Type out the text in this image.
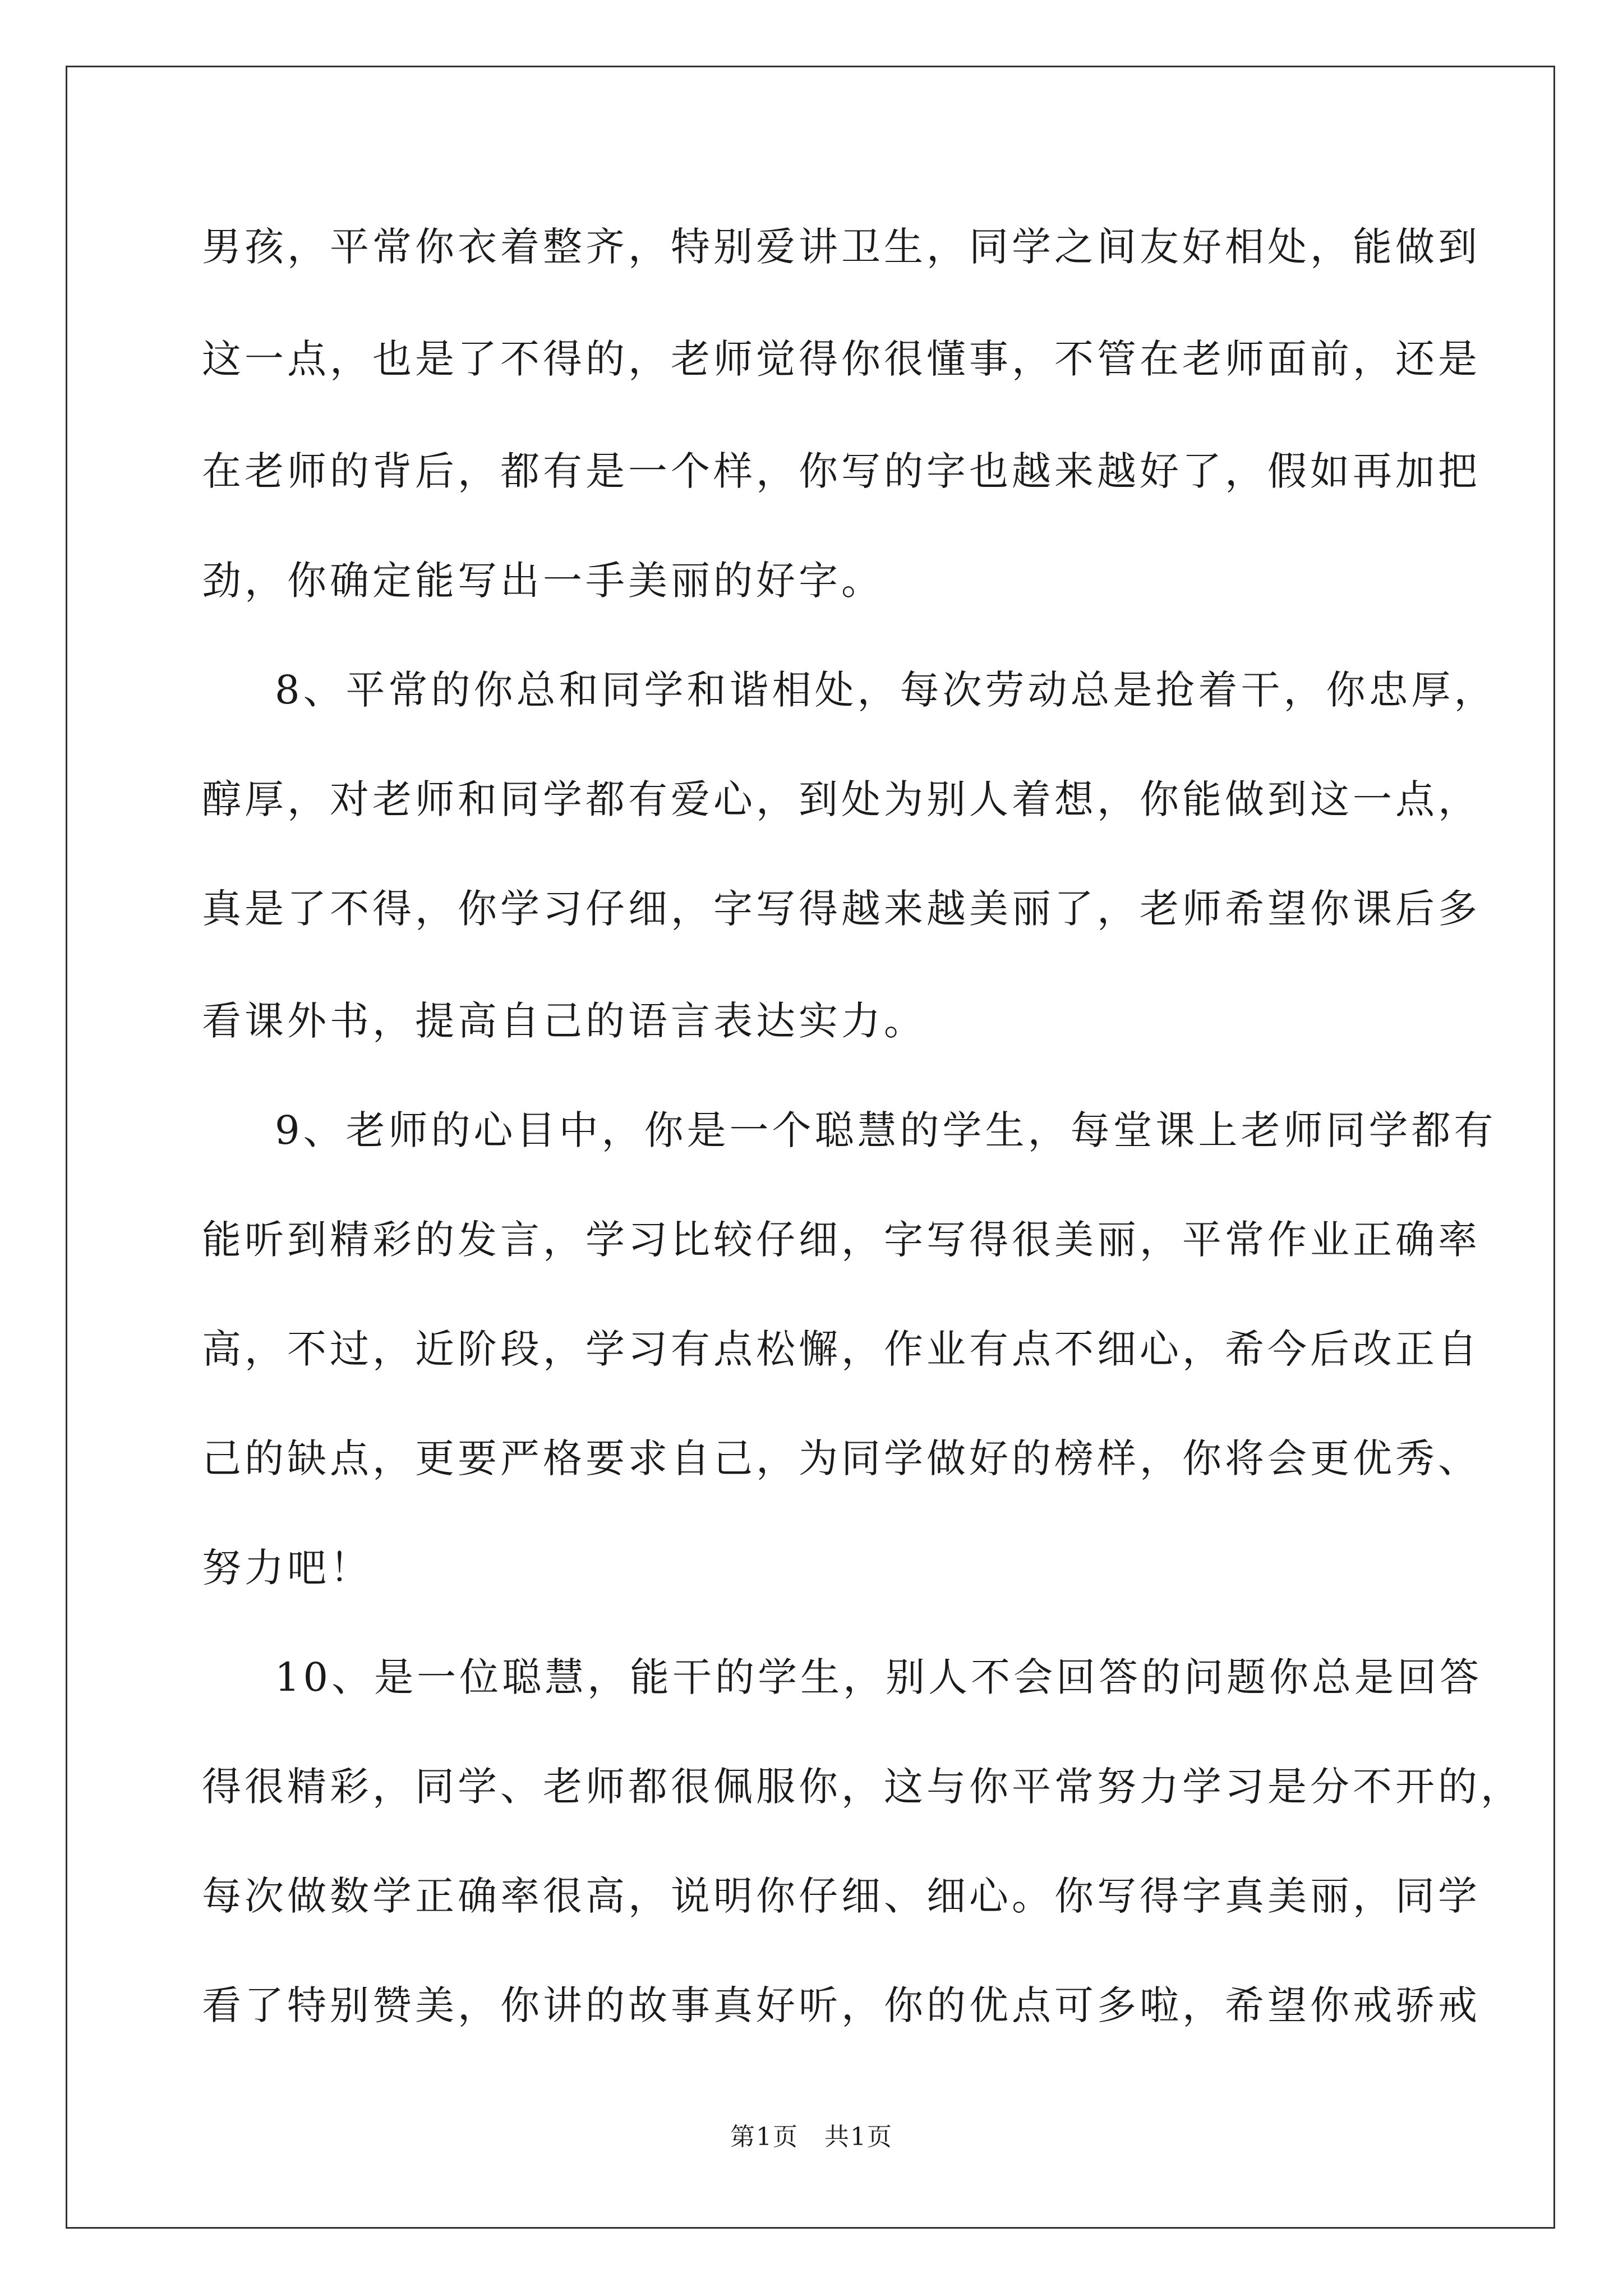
男孩，平常你衣着整齐，特别爱讲卫生，同学之间友好相处，能做到
这一点，也是了不得的，老师觉得你很懂事，不管在老师面前，还是
在老师的背后，都有是一个样，你写的字也越来越好了，假如再加把
劲，你确定能写出一手美丽的好字。
8、平常的你总和同学和谐相处，每次劳动总是抢着干，你忠厚，
醇厚，对老师和同学都有爱心，到处为别人着想，你能做到这一点，
真是了不得，你学习仔细，字写得越来越美丽了，老师希望你课后多
看课外书，提高自己的语言表达实力。
9、老师的心目中，你是一个聪慧的学生，每堂课上老师同学都有
能听到精彩的发言，学习比较仔细，字写得很美丽，平常作业正确率
高，不过，近阶段，学习有点松懈，作业有点不细心，希今后改正自
己的缺点，更要严格要求自己，为同学做好的榜样，你将会更优秀、
努力吧！
10、是一位聪慧，能干的学生，别人不会回答的问题你总是回答
得很精彩，同学、老师都很佩服你，这与你平常努力学习是分不开的，
每次做数学正确率很高，说明你仔细、细心。你写得字真美丽，同学
看了特别赞美，你讲的故事真好听，你的优点可多啦，希望你戒骄戒
第1页　共1页
